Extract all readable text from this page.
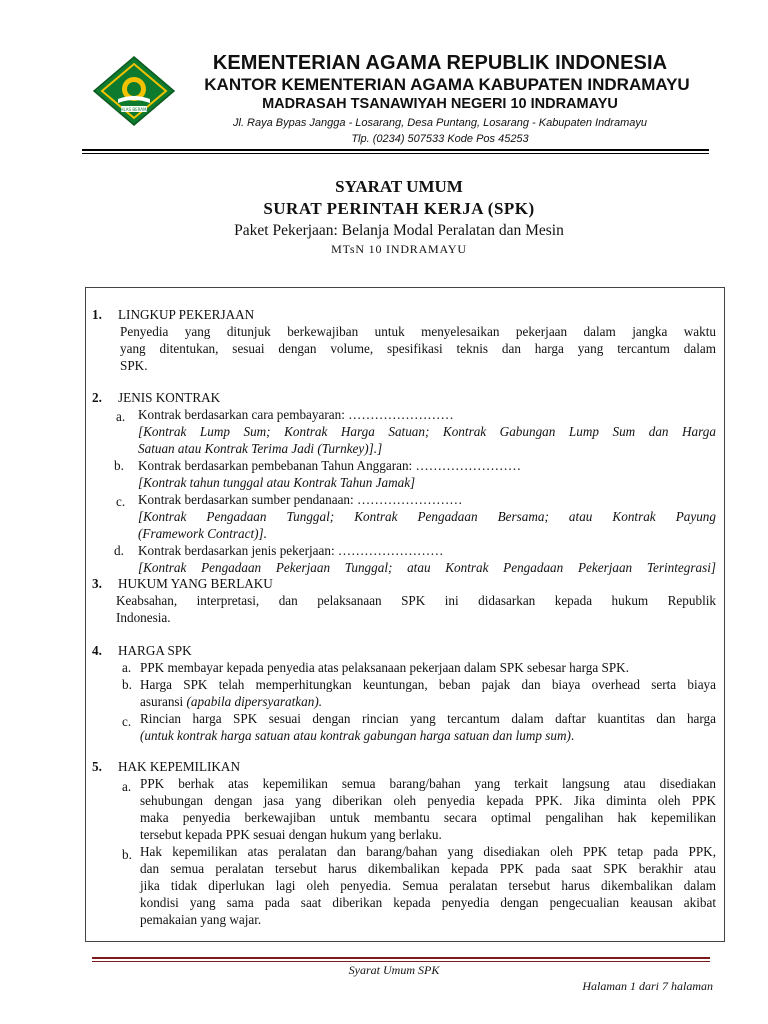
IKHLAS BERAMAL
KEMENTERIAN AGAMA REPUBLIK INDONESIA
KANTOR KEMENTERIAN AGAMA KABUPATEN INDRAMAYU
MADRASAH TSANAWIYAH NEGERI 10 INDRAMAYU
Jl. Raya Bypas Jangga - Losarang, Desa Puntang, Losarang - Kabupaten Indramayu
Tlp. (0234) 507533 Kode Pos 45253
SYARAT UMUM
SURAT PERINTAH KERJA (SPK)
Paket Pekerjaan: Belanja Modal Peralatan dan Mesin
MTsN 10 INDRAMAYU
1. LINGKUP PEKERJAAN
Penyedia yang ditunjuk berkewajiban untuk menyelesaikan pekerjaan dalam jangka waktu
yang ditentukan, sesuai dengan volume, spesifikasi teknis dan harga yang tercantum dalam
SPK.
2. JENIS KONTRAK
a. Kontrak berdasarkan cara pembayaran: ……………………
[Kontrak Lump Sum; Kontrak Harga Satuan; Kontrak Gabungan Lump Sum dan Harga
Satuan atau Kontrak Terima Jadi (Turnkey)].]
b. Kontrak berdasarkan pembebanan Tahun Anggaran: ……………………
[Kontrak tahun tunggal atau Kontrak Tahun Jamak]
c. Kontrak berdasarkan sumber pendanaan: ……………………
[Kontrak Pengadaan Tunggal; Kontrak Pengadaan Bersama; atau Kontrak Payung
(Framework Contract)].
d. Kontrak berdasarkan jenis pekerjaan: ……………………
[Kontrak Pengadaan Pekerjaan Tunggal; atau Kontrak Pengadaan Pekerjaan Terintegrasi]
3. HUKUM YANG BERLAKU
Keabsahan, interpretasi, dan pelaksanaan SPK ini didasarkan kepada hukum Republik
Indonesia.
4. HARGA SPK
a. PPK membayar kepada penyedia atas pelaksanaan pekerjaan dalam SPK sebesar harga SPK.
b. Harga SPK telah memperhitungkan keuntungan, beban pajak dan biaya overhead serta biaya
asuransi (apabila dipersyaratkan).
c. Rincian harga SPK sesuai dengan rincian yang tercantum dalam daftar kuantitas dan harga
(untuk kontrak harga satuan atau kontrak gabungan harga satuan dan lump sum).
5. HAK KEPEMILIKAN
a. PPK berhak atas kepemilikan semua barang/bahan yang terkait langsung atau disediakan
sehubungan dengan jasa yang diberikan oleh penyedia kepada PPK. Jika diminta oleh PPK
maka penyedia berkewajiban untuk membantu secara optimal pengalihan hak kepemilikan
tersebut kepada PPK sesuai dengan hukum yang berlaku.
b. Hak kepemilikan atas peralatan dan barang/bahan yang disediakan oleh PPK tetap pada PPK,
dan semua peralatan tersebut harus dikembalikan kepada PPK pada saat SPK berakhir atau
jika tidak diperlukan lagi oleh penyedia. Semua peralatan tersebut harus dikembalikan dalam
kondisi yang sama pada saat diberikan kepada penyedia dengan pengecualian keausan akibat
pemakaian yang wajar.
Syarat Umum SPK
Halaman 1 dari 7 halaman
